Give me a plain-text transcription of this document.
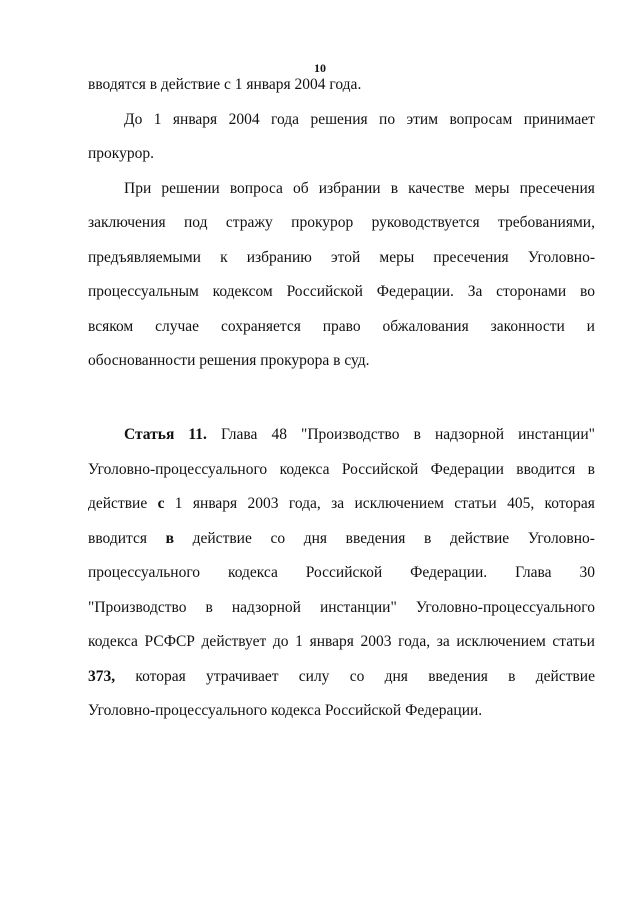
10
вводятся в действие с 1 января 2004 года.
До 1 января 2004 года решения по этим вопросам принимает
прокурор.
При решении вопроса об избрании в качестве меры пресечения
заключения под стражу прокурор руководствуется требованиями,
предъявляемыми к избранию этой меры пресечения Уголовно-
процессуальным кодексом Российской Федерации. За сторонами во
всяком случае сохраняется право обжалования законности и
обоснованности решения прокурора в суд.
Статья 11. Глава 48 "Производство в надзорной инстанции"
Уголовно-процессуального кодекса Российской Федерации вводится в
действие с 1 января 2003 года, за исключением статьи 405, которая
вводится в действие со дня введения в действие Уголовно-
процессуального кодекса Российской Федерации. Глава 30
"Производство в надзорной инстанции" Уголовно-процессуального
кодекса РСФСР действует до 1 января 2003 года, за исключением статьи
373, которая утрачивает силу со дня введения в действие
Уголовно-процессуального кодекса Российской Федерации.
